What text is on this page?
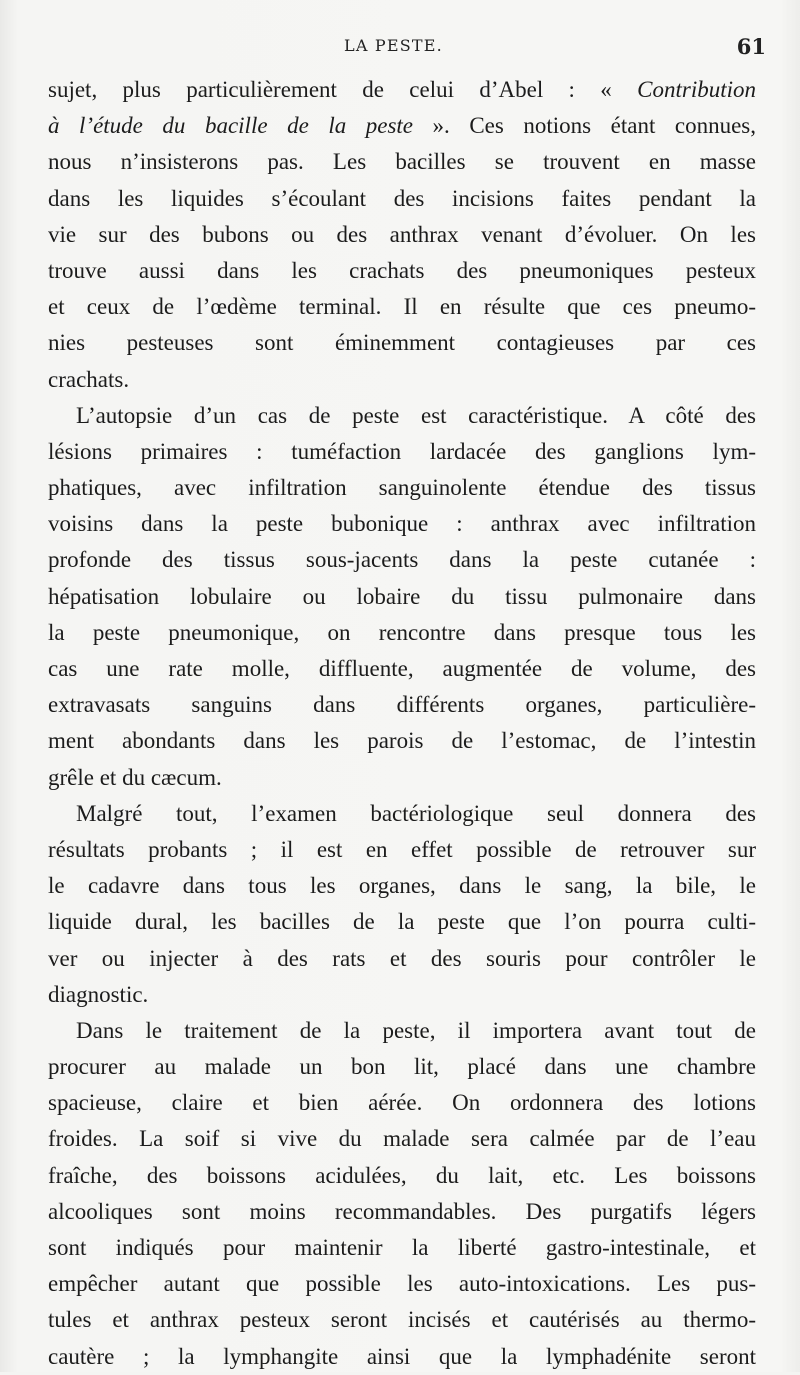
LA PESTE.	61
sujet, plus particulièrement de celui d’Abel : « Contribution
à l’étude du bacille de la peste ». Ces notions étant connues,
nous n’insisterons pas. Les bacilles se trouvent en masse
dans les liquides s’écoulant des incisions faites pendant la
vie sur des bubons ou des anthrax venant d’évoluer. On les
trouve aussi dans les crachats des pneumoniques pesteux
et ceux de l’œdème terminal. Il en résulte que ces pneumo-
nies pesteuses sont éminemment contagieuses par ces
crachats.
L’autopsie d’un cas de peste est caractéristique. A côté des
lésions primaires : tuméfaction lardacée des ganglions lym-
phatiques, avec infiltration sanguinolente étendue des tissus
voisins dans la peste bubonique : anthrax avec infiltration
profonde des tissus sous-jacents dans la peste cutanée :
hépatisation lobulaire ou lobaire du tissu pulmonaire dans
la peste pneumonique, on rencontre dans presque tous les
cas une rate molle, diffluente, augmentée de volume, des
extravasats sanguins dans différents organes, particulière-
ment abondants dans les parois de l’estomac, de l’intestin
grêle et du cæcum.
Malgré tout, l’examen bactériologique seul donnera des
résultats probants ; il est en effet possible de retrouver sur
le cadavre dans tous les organes, dans le sang, la bile, le
liquide dural, les bacilles de la peste que l’on pourra culti-
ver ou injecter à des rats et des souris pour contrôler le
diagnostic.
Dans le traitement de la peste, il importera avant tout de
procurer au malade un bon lit, placé dans une chambre
spacieuse, claire et bien aérée. On ordonnera des lotions
froides. La soif si vive du malade sera calmée par de l’eau
fraîche, des boissons acidulées, du lait, etc. Les boissons
alcooliques sont moins recommandables. Des purgatifs légers
sont indiqués pour maintenir la liberté gastro-intestinale, et
empêcher autant que possible les auto-intoxications. Les pus-
tules et anthrax pesteux seront incisés et cautérisés au thermo-
cautère ; la lymphangite ainsi que la lymphadénite seront
